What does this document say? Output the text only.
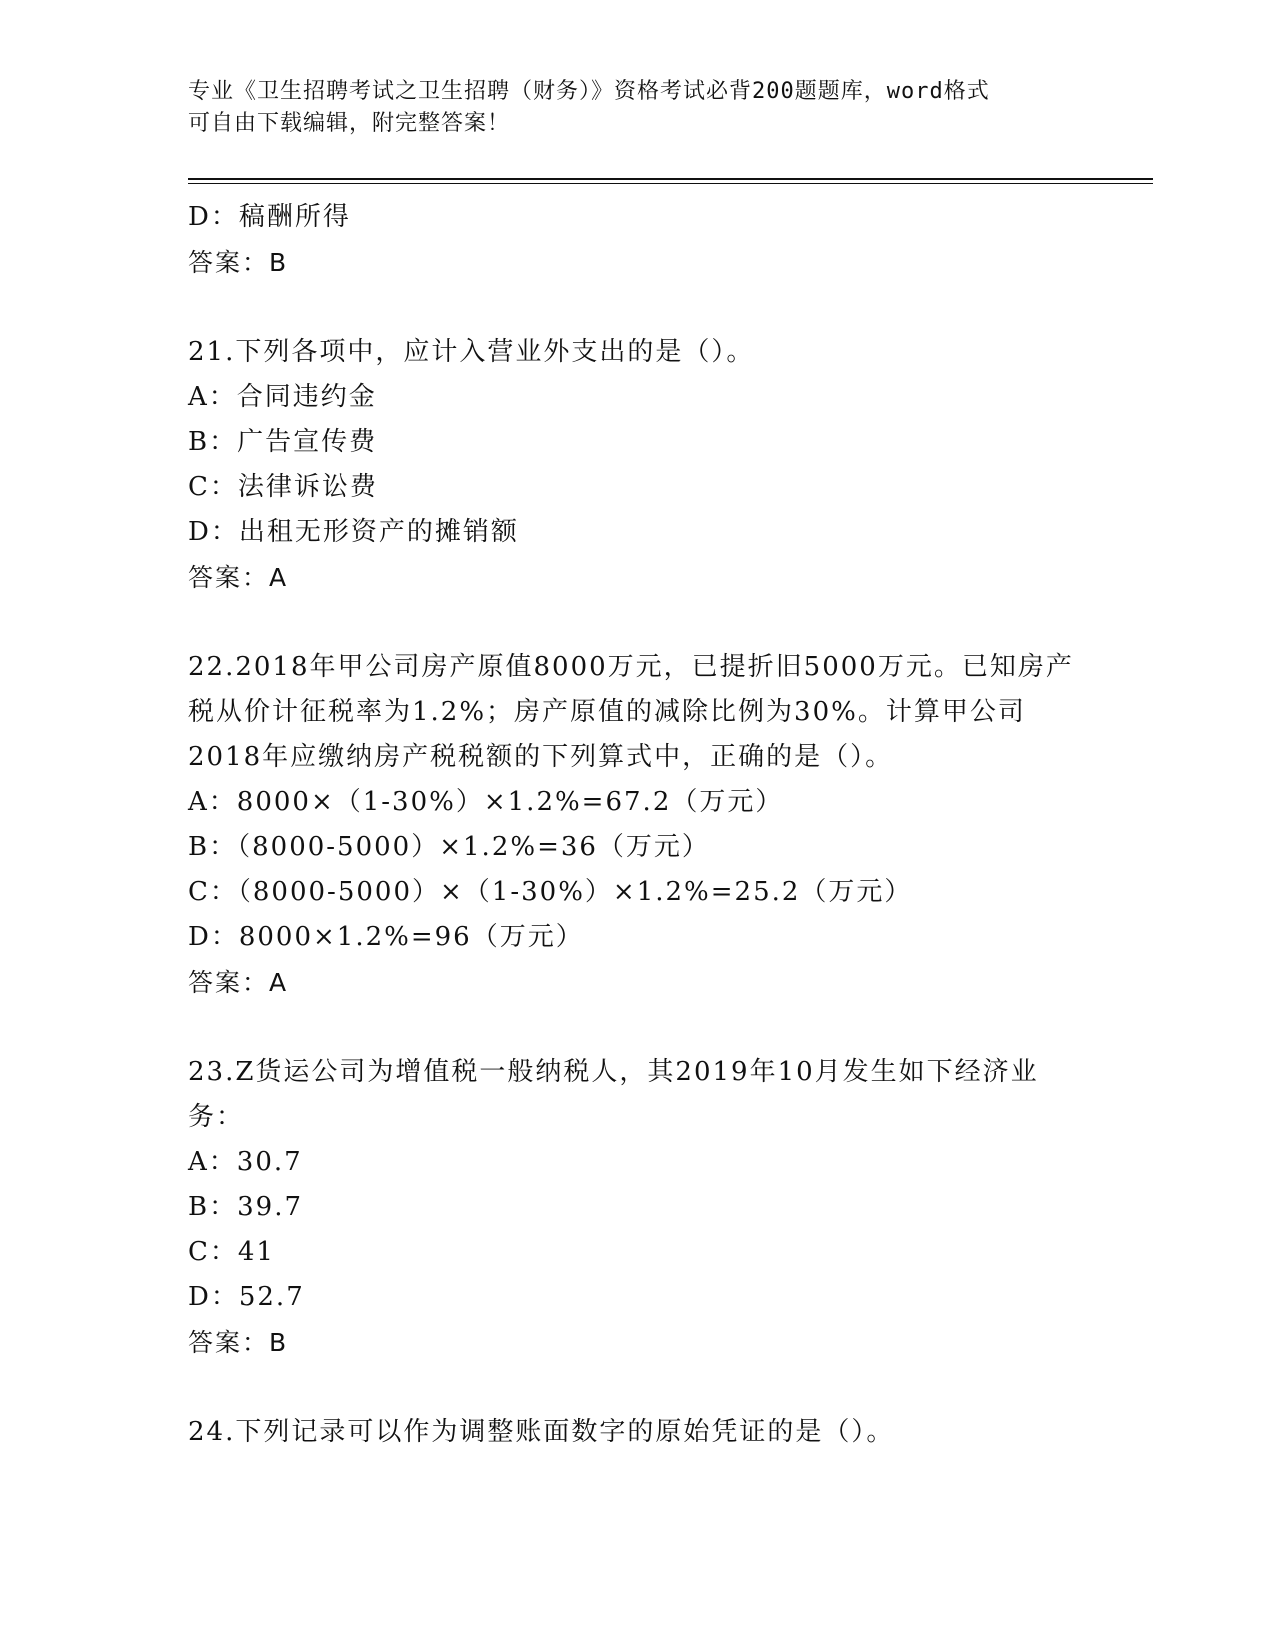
专业《卫生招聘考试之卫生招聘（财务）》资格考试必背200题题库，word格式
可自由下载编辑，附完整答案！
D：稿酬所得
答案：B
21.下列各项中，应计入营业外支出的是（）。
A：合同违约金
B：广告宣传费
C：法律诉讼费
D：出租无形资产的摊销额
答案：A
22.2018年甲公司房产原值8000万元，已提折旧5000万元。已知房产
税从价计征税率为1.2%；房产原值的减除比例为30%。计算甲公司
2018年应缴纳房产税税额的下列算式中，正确的是（）。
A：8000×（1-30%）×1.2%=67.2（万元）
B：（8000-5000）×1.2%=36（万元）
C：（8000-5000）×（1-30%）×1.2%=25.2（万元）
D：8000×1.2%=96（万元）
答案：A
23.Z货运公司为增值税一般纳税人，其2019年10月发生如下经济业
务：
A：30.7
B：39.7
C：41
D：52.7
答案：B
24.下列记录可以作为调整账面数字的原始凭证的是（）。
